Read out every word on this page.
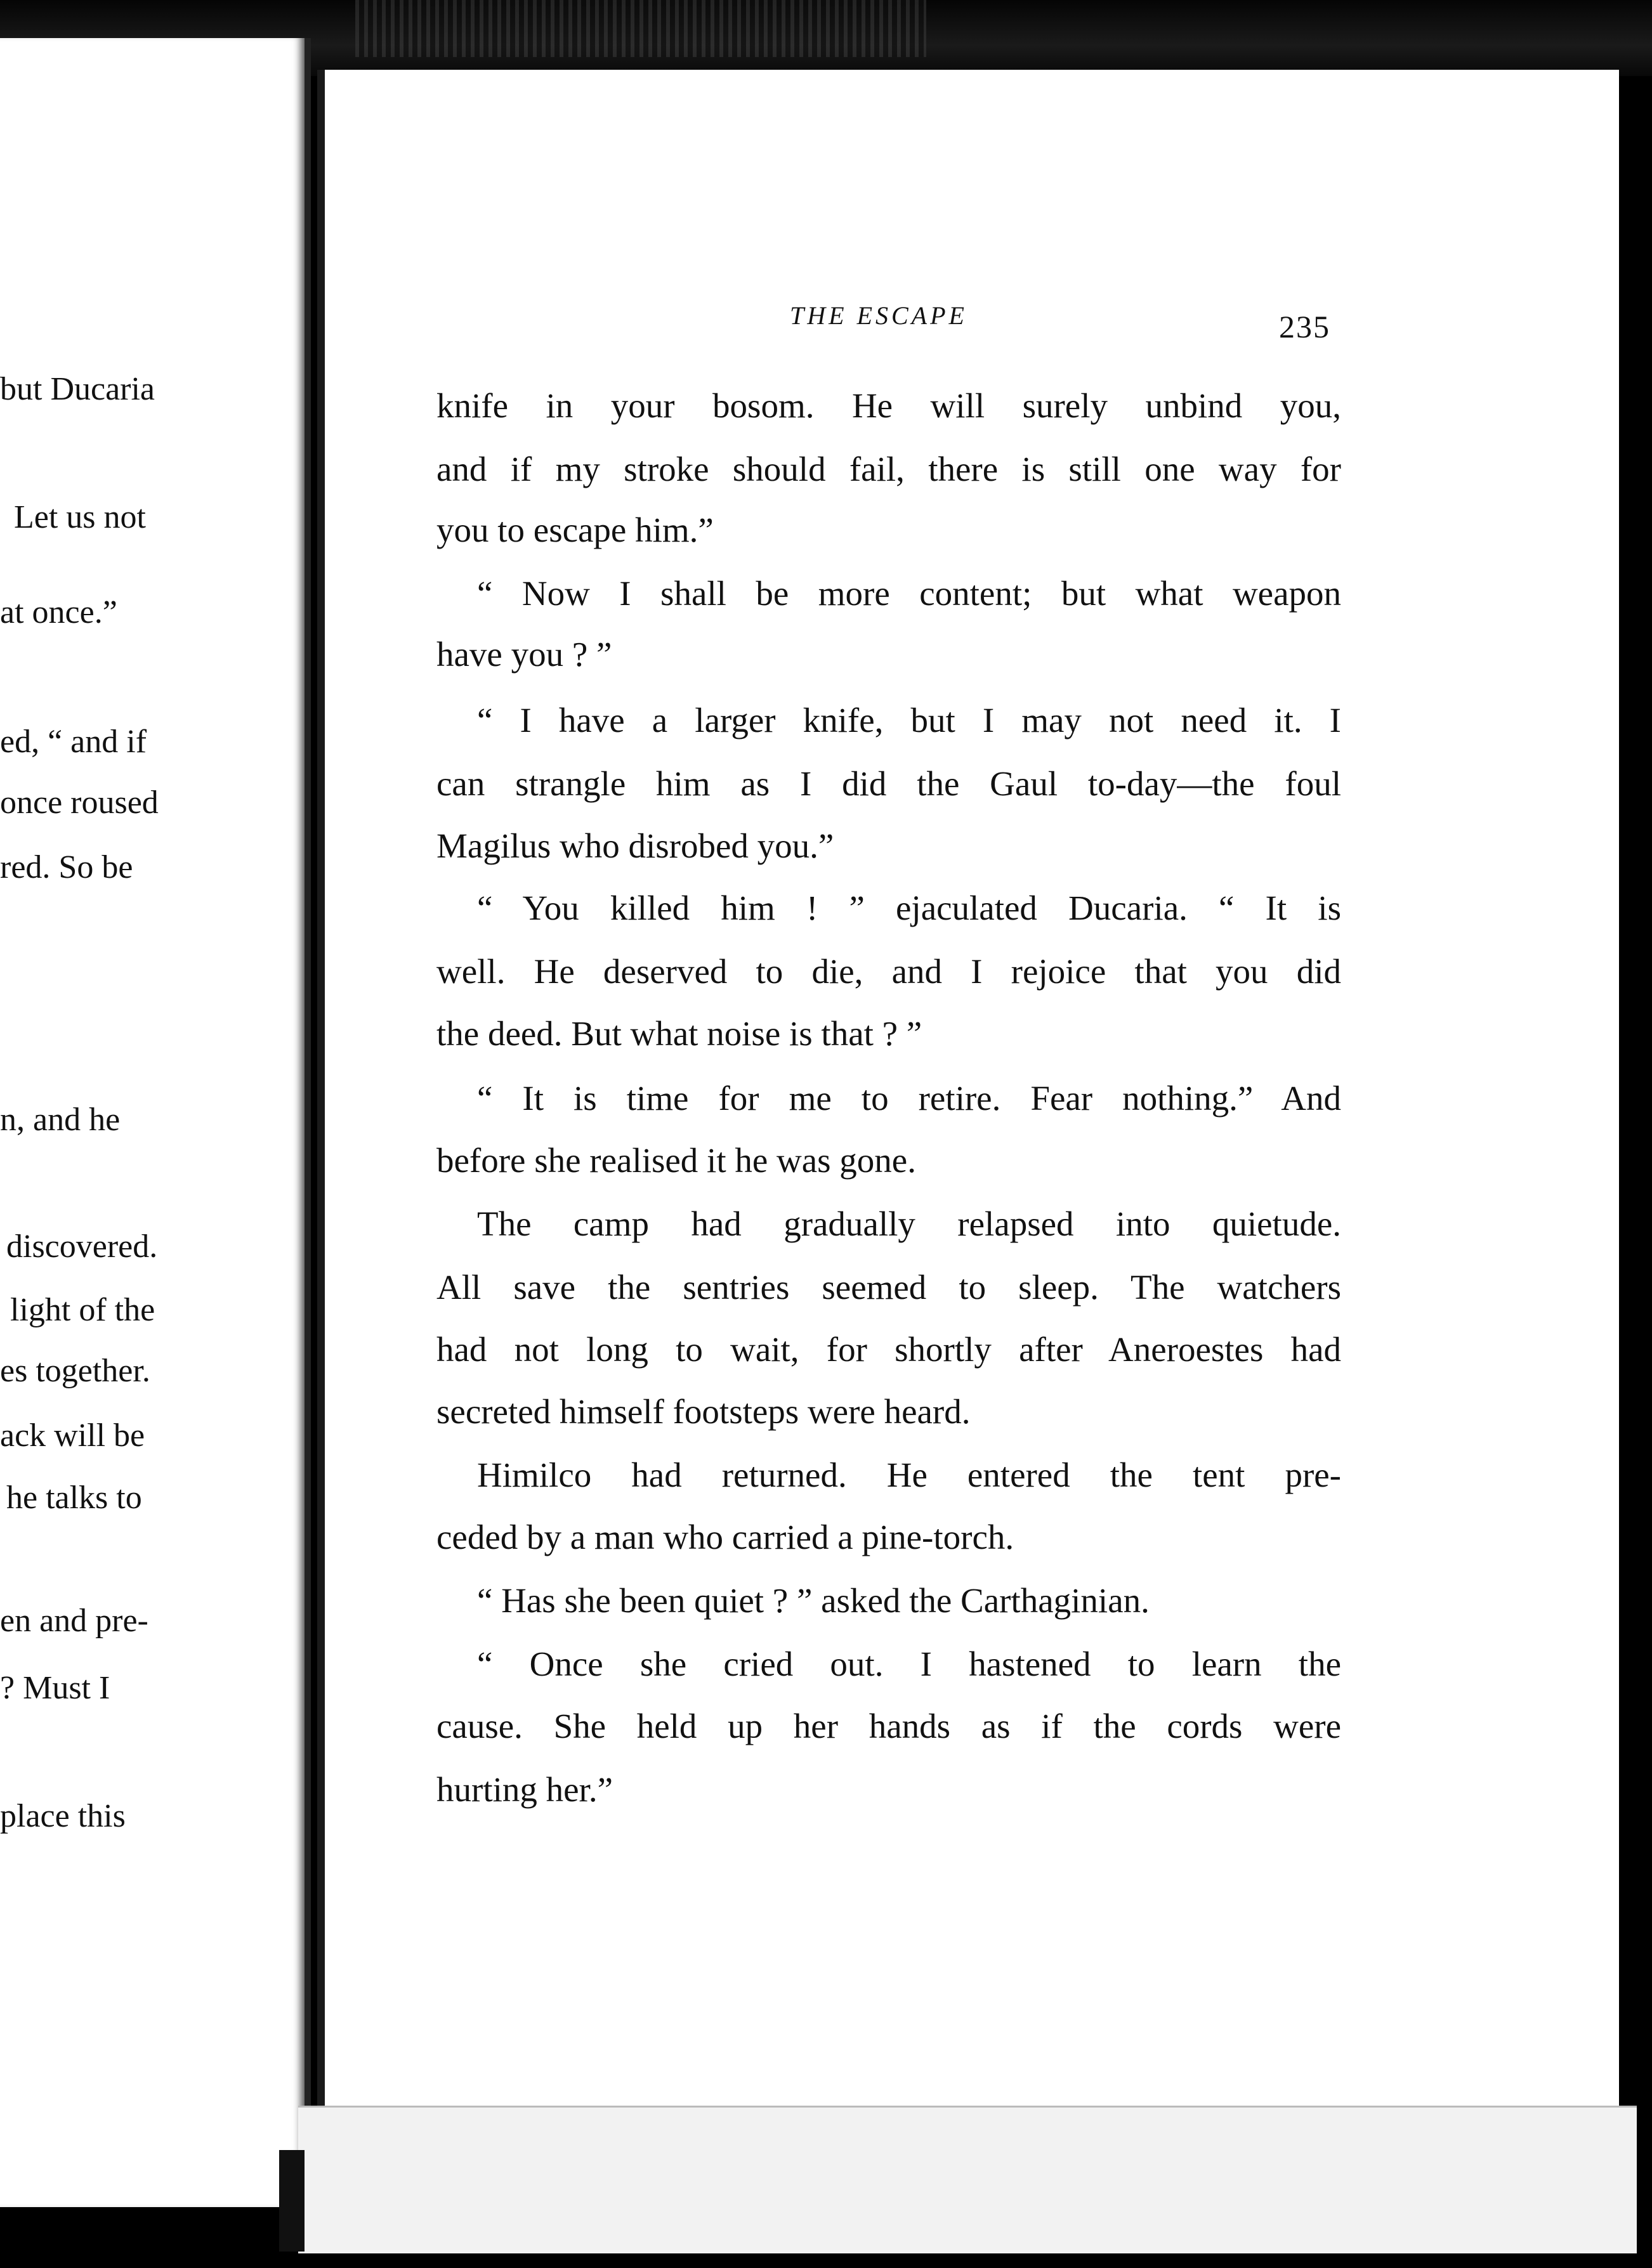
but Ducaria
Let us not
at once.”
ed, “ and if
once roused
red. So be
n, and he
discovered.
light of the
es together.
ack will be
he talks to
en and pre-
? Must I
place this
THE ESCAPE	235
knife in your bosom. He will surely unbind you,
and if my stroke should fail, there is still one way for
you to escape him.”
“ Now I shall be more content; but what weapon
have you ? ”
“ I have a larger knife, but I may not need it. I
can strangle him as I did the Gaul to-day—the foul
Magilus who disrobed you.”
“ You killed him ! ” ejaculated Ducaria. “ It is
well. He deserved to die, and I rejoice that you did
the deed. But what noise is that ? ”
“ It is time for me to retire. Fear nothing.” And
before she realised it he was gone.
The camp had gradually relapsed into quietude.
All save the sentries seemed to sleep. The watchers
had not long to wait, for shortly after Aneroestes had
secreted himself footsteps were heard.
Himilco had returned. He entered the tent pre-
ceded by a man who carried a pine-torch.
“ Has she been quiet ? ” asked the Carthaginian.
“ Once she cried out. I hastened to learn the
cause. She held up her hands as if the cords were
hurting her.”
